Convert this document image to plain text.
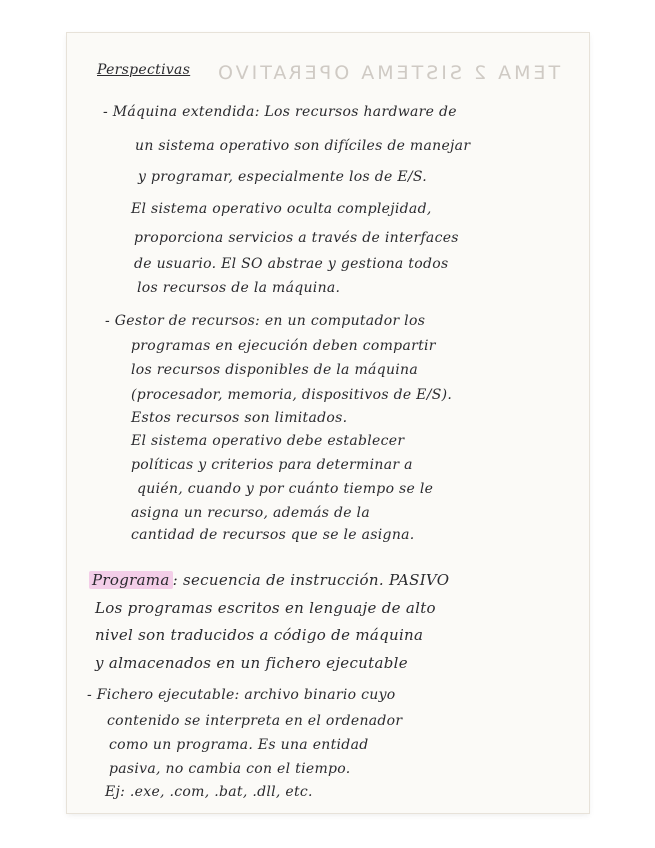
TEMA 2 SISTEMA OPERATIVO
Perspectivas
- Máquina extendida: Los recursos hardware de
un sistema operativo son difíciles de manejar
y programar, especialmente los de E/S.
El sistema operativo oculta complejidad,
proporciona servicios a través de interfaces
de usuario. El SO abstrae y gestiona todos
los recursos de la máquina.
- Gestor de recursos: en un computador los
programas en ejecución deben compartir
los recursos disponibles de la máquina
(procesador, memoria, dispositivos de E/S).
Estos recursos son limitados.
El sistema operativo debe establecer
políticas y criterios para determinar a
quién, cuando y por cuánto tiempo se le
asigna un recurso, además de la
cantidad de recursos que se le asigna.
Programa : secuencia de instrucción. PASIVO
Los programas escritos en lenguaje de alto
nivel son traducidos a código de máquina
y almacenados en un fichero ejecutable
- Fichero ejecutable: archivo binario cuyo
contenido se interpreta en el ordenador
como un programa. Es una entidad
pasiva, no cambia con el tiempo.
Ej: .exe, .com, .bat, .dll, etc.
